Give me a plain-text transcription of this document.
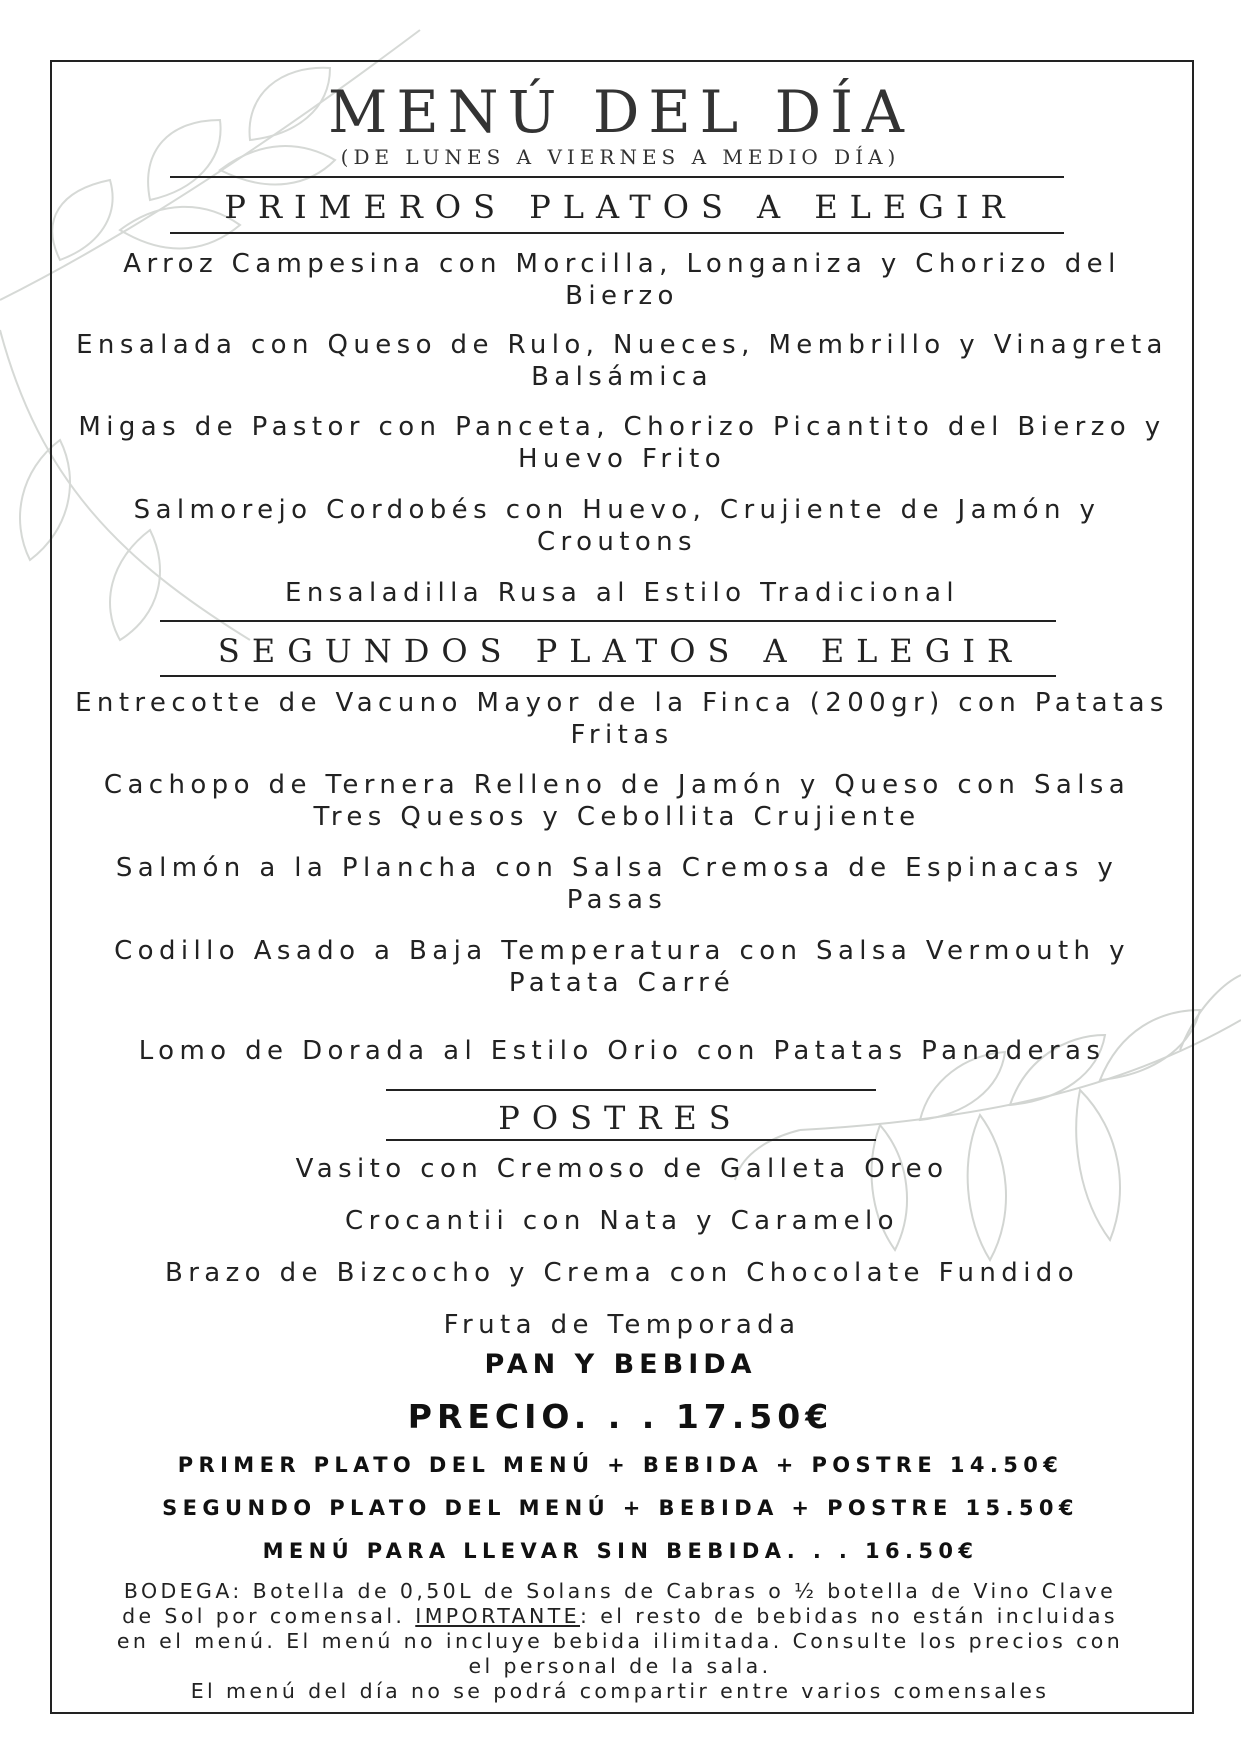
MENÚ DEL DÍA
(DE LUNES A VIERNES A MEDIO DÍA)
PRIMEROS PLATOS A ELEGIR
Arroz Campesina con Morcilla, Longaniza y Chorizo del Bierzo
Ensalada con Queso de Rulo, Nueces, Membrillo y Vinagreta Balsámica
Migas de Pastor con Panceta, Chorizo Picantito del Bierzo y Huevo Frito
Salmorejo Cordobés con Huevo, Crujiente de Jamón y Croutons
Ensaladilla Rusa al Estilo Tradicional
SEGUNDOS PLATOS A ELEGIR
Entrecotte de Vacuno Mayor de la Finca (200gr) con Patatas Fritas
Cachopo de Ternera Relleno de Jamón y Queso con Salsa Tres Quesos y Cebollita Crujiente
Salmón a la Plancha con Salsa Cremosa de Espinacas y Pasas
Codillo Asado a Baja Temperatura con Salsa Vermouth y Patata Carré
Lomo de Dorada al Estilo Orio con Patatas Panaderas
POSTRES
Vasito con Cremoso de Galleta Oreo
Crocantii con Nata y Caramelo
Brazo de Bizcocho y Crema con Chocolate Fundido
Fruta de Temporada
PAN Y BEBIDA
PRECIO. . . 17.50€
PRIMER PLATO DEL MENÚ + BEBIDA + POSTRE 14.50€
SEGUNDO PLATO DEL MENÚ + BEBIDA + POSTRE 15.50€
MENÚ PARA LLEVAR SIN BEBIDA. . . 16.50€
BODEGA: Botella de 0,50L de Solans de Cabras o ½ botella de Vino Clave de Sol por comensal. IMPORTANTE: el resto de bebidas no están incluidas en el menú. El menú no incluye bebida ilimitada. Consulte los precios con el personal de la sala.
El menú del día no se podrá compartir entre varios comensales
